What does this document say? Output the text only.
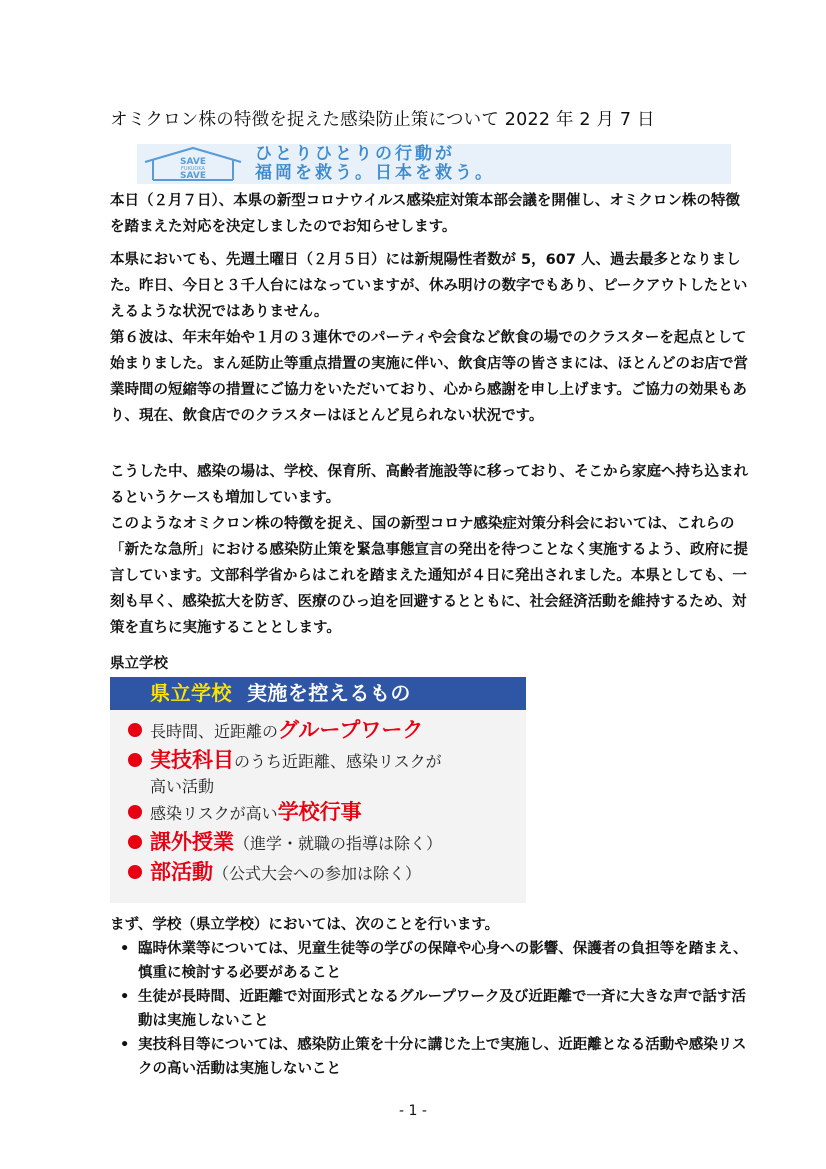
オミクロン株の特徴を捉えた感染防止策について 2022 年 2 月 7 日
SAVE
FUKUOKA
SAVE
ひとりひとりの行動が
福岡を救う。日本を救う。
本日（２月７日）、本県の新型コロナウイルス感染症対策本部会議を開催し、オミクロン株の特徴を踏まえた対応を決定しましたのでお知らせします。
本県においても、先週土曜日（２月５日）には新規陽性者数が 5，607 人、過去最多となりました。昨日、今日と３千人台にはなっていますが、休み明けの数字でもあり、ピークアウトしたといえるような状況ではありません。
第６波は、年末年始や１月の３連休でのパーティや会食など飲食の場でのクラスターを起点として始まりました。まん延防止等重点措置の実施に伴い、飲食店等の皆さまには、ほとんどのお店で営業時間の短縮等の措置にご協力をいただいており、心から感謝を申し上げます。ご協力の効果もあり、現在、飲食店でのクラスターはほとんど見られない状況です。
こうした中、感染の場は、学校、保育所、高齢者施設等に移っており、そこから家庭へ持ち込まれるというケースも増加しています。
このようなオミクロン株の特徴を捉え、国の新型コロナ感染症対策分科会においては、これらの「新たな急所」における感染防止策を緊急事態宣言の発出を待つことなく実施するよう、政府に提言しています。文部科学省からはこれを踏まえた通知が４日に発出されました。本県としても、一刻も早く、感染拡大を防ぎ、医療のひっ迫を回避するとともに、社会経済活動を維持するため、対策を直ちに実施することとします。
県立学校
県立学校 実施を控えるもの
長時間、近距離のグループワーク
実技科目のうち近距離、感染リスクが
高い活動
感染リスクが高い学校行事
課外授業（進学・就職の指導は除く）
部活動（公式大会への参加は除く）
まず、学校（県立学校）においては、次のことを行います。
• 臨時休業等については、児童生徒等の学びの保障や心身への影響、保護者の負担等を踏まえ、慎重に検討する必要があること
• 生徒が長時間、近距離で対面形式となるグループワーク及び近距離で一斉に大きな声で話す活動は実施しないこと
• 実技科目等については、感染防止策を十分に講じた上で実施し、近距離となる活動や感染リスクの高い活動は実施しないこと
- 1 -
